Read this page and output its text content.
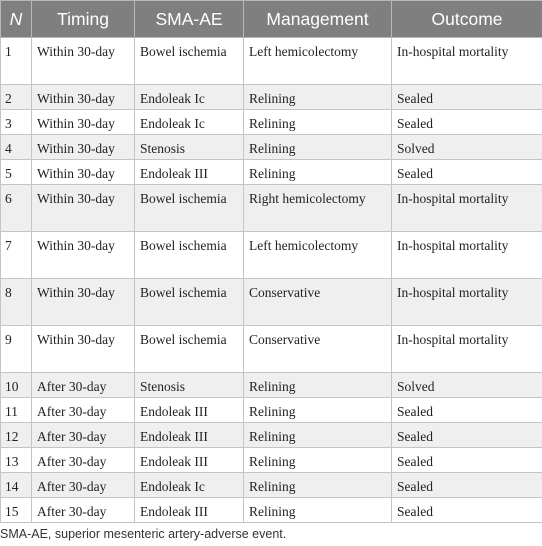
N	Timing	SMA-AE	Management	Outcome
1	Within 30-day	Bowel ischemia	Left hemicolectomy	In-hospital mortality
2	Within 30-day	Endoleak Ic	Relining	Sealed
3	Within 30-day	Endoleak Ic	Relining	Sealed
4	Within 30-day	Stenosis	Relining	Solved
5	Within 30-day	Endoleak III	Relining	Sealed
6	Within 30-day	Bowel ischemia	Right hemicolectomy	In-hospital mortality
7	Within 30-day	Bowel ischemia	Left hemicolectomy	In-hospital mortality
8	Within 30-day	Bowel ischemia	Conservative	In-hospital mortality
9	Within 30-day	Bowel ischemia	Conservative	In-hospital mortality
10	After 30-day	Stenosis	Relining	Solved
11	After 30-day	Endoleak III	Relining	Sealed
12	After 30-day	Endoleak III	Relining	Sealed
13	After 30-day	Endoleak III	Relining	Sealed
14	After 30-day	Endoleak Ic	Relining	Sealed
15	After 30-day	Endoleak III	Relining	Sealed
SMA-AE, superior mesenteric artery-adverse event.
